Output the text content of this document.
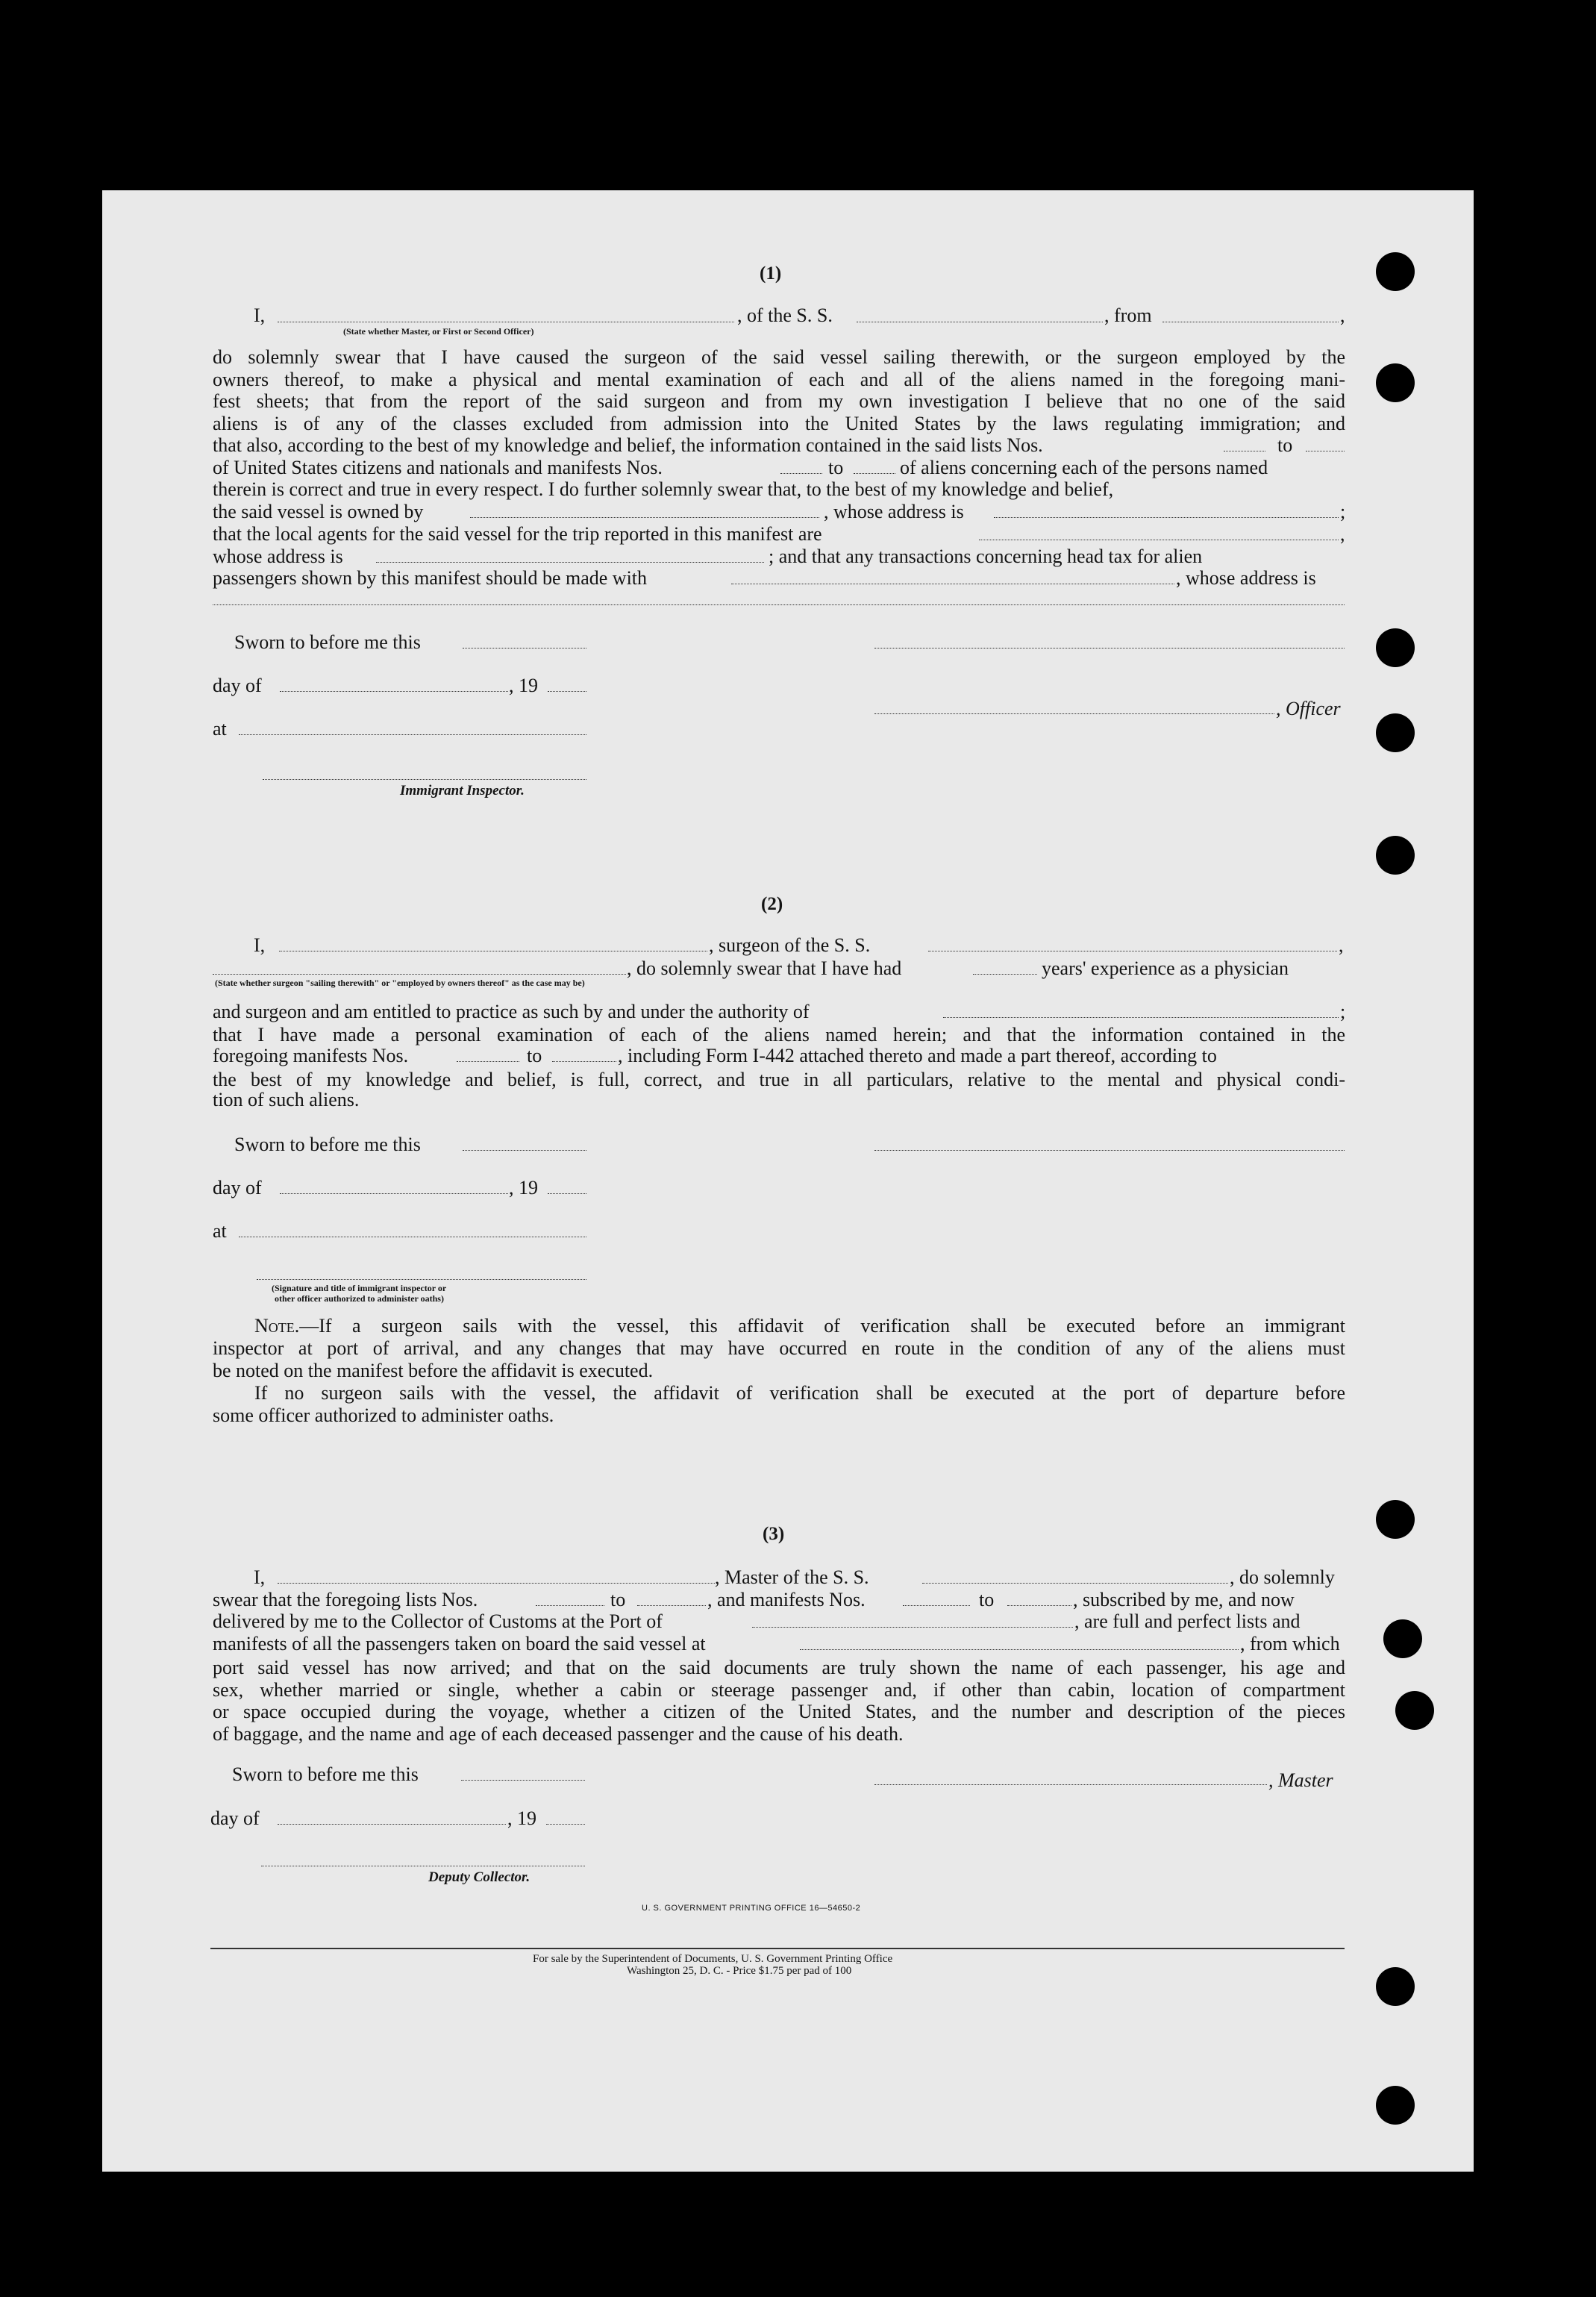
(1)
I,
(State whether Master, or First or Second Officer)
, of the S. S.	, from	,
do solemnly swear that I have caused the surgeon of the said vessel sailing therewith, or the surgeon employed by the
owners thereof, to make a physical and mental examination of each and all of the aliens named in the foregoing mani-
fest sheets; that from the report of the said surgeon and from my own investigation I believe that no one of the said
aliens is of any of the classes excluded from admission into the United States by the laws regulating immigration; and
that also, according to the best of my knowledge and belief, the information contained in the said lists Nos.	to
of United States citizens and nationals and manifests Nos.	to	of aliens concerning each of the persons named
therein is correct and true in every respect. I do further solemnly swear that, to the best of my knowledge and belief,
the said vessel is owned by	, whose address is	;
that the local agents for the said vessel for the trip reported in this manifest are	,
whose address is	; and that any transactions concerning head tax for alien
passengers shown by this manifest should be made with	, whose address is
Sworn to before me this
day of	, 19
at
, Officer
Immigrant Inspector.
(2)
I,	, surgeon of the S. S.	,
, do solemnly swear that I have had	years' experience as a physician
(State whether surgeon "sailing therewith" or "employed by owners thereof" as the case may be)
and surgeon and am entitled to practice as such by and under the authority of	;
that I have made a personal examination of each of the aliens named herein; and that the information contained in the
foregoing manifests Nos.	to	, including Form I-442 attached thereto and made a part thereof, according to
the best of my knowledge and belief, is full, correct, and true in all particulars, relative to the mental and physical condi-
tion of such aliens.
Sworn to before me this
day of	, 19
at
(Signature and title of immigrant inspector or
other officer authorized to administer oaths)
Note.—If a surgeon sails with the vessel, this affidavit of verification shall be executed before an immigrant
inspector at port of arrival, and any changes that may have occurred en route in the condition of any of the aliens must
be noted on the manifest before the affidavit is executed.
If no surgeon sails with the vessel, the affidavit of verification shall be executed at the port of departure before
some officer authorized to administer oaths.
(3)
I,	, Master of the S. S.	, do solemnly
swear that the foregoing lists Nos.	to	, and manifests Nos.	to	, subscribed by me, and now
delivered by me to the Collector of Customs at the Port of	, are full and perfect lists and
manifests of all the passengers taken on board the said vessel at	, from which
port said vessel has now arrived; and that on the said documents are truly shown the name of each passenger, his age and
sex, whether married or single, whether a cabin or steerage passenger and, if other than cabin, location of compartment
or space occupied during the voyage, whether a citizen of the United States, and the number and description of the pieces
of baggage, and the name and age of each deceased passenger and the cause of his death.
Sworn to before me this	, Master
day of	, 19
Deputy Collector.
U. S. GOVERNMENT PRINTING OFFICE 16—54650-2
For sale by the Superintendent of Documents, U. S. Government Printing Office
Washington 25, D. C. - Price $1.75 per pad of 100
